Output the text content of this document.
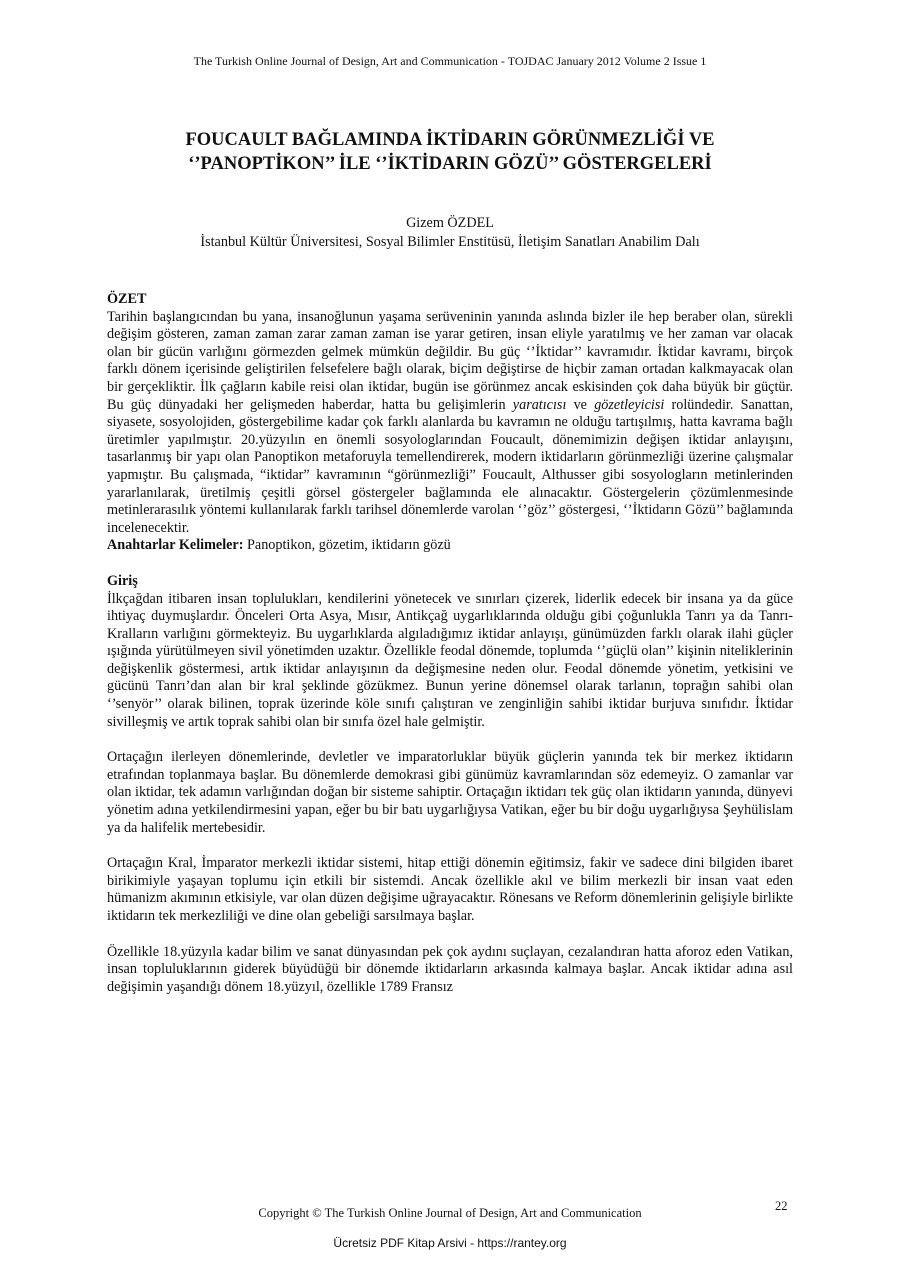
The Turkish Online Journal of Design, Art and Communication - TOJDAC January 2012 Volume 2 Issue 1
FOUCAULT BAĞLAMINDA İKTİDARIN GÖRÜNMEZLİĞİ VE
‘’PANOPTİKON’’ İLE ‘’İKTİDARIN GÖZÜ’’ GÖSTERGELERİ
Gizem ÖZDEL
İstanbul Kültür Üniversitesi, Sosyal Bilimler Enstitüsü, İletişim Sanatları Anabilim Dalı
ÖZET

Tarihin başlangıcından bu yana, insanoğlunun yaşama serüveninin yanında aslında bizler ile hep beraber olan, sürekli değişim gösteren, zaman zaman zarar zaman zaman ise yarar getiren, insan eliyle yaratılmış ve her zaman var olacak olan bir gücün varlığını görmezden gelmek mümkün değildir. Bu güç ‘’İktidar’’ kavramıdır. İktidar kavramı, birçok farklı dönem içerisinde geliştirilen felsefelere bağlı olarak, biçim değiştirse de hiçbir zaman ortadan kalkmayacak olan bir gerçekliktir. İlk çağların kabile reisi olan iktidar, bugün ise görünmez ancak eskisinden çok daha büyük bir güçtür. Bu güç dünyadaki her gelişmeden haberdar, hatta bu gelişimlerin yaratıcısı ve gözetleyicisi rolündedir. Sanattan, siyasete, sosyolojiden, göstergebilime kadar çok farklı alanlarda bu kavramın ne olduğu tartışılmış, hatta kavrama bağlı üretimler yapılmıştır. 20.yüzyılın en önemli sosyologlarından Foucault, dönemimizin değişen iktidar anlayışını, tasarlanmış bir yapı olan Panoptikon metaforuyla temellendirerek, modern iktidarların görünmezliği üzerine çalışmalar yapmıştır. Bu çalışmada, “iktidar” kavramının “görünmezliği” Foucault, Althusser gibi sosyologların metinlerinden yararlanılarak, üretilmiş çeşitli görsel göstergeler bağlamında ele alınacaktır. Göstergelerin çözümlenmesinde metinlerarasılık yöntemi kullanılarak farklı tarihsel dönemlerde varolan ‘’göz’’ göstergesi, ‘’İktidarın Gözü’’ bağlamında incelenecektir.

Anahtarlar Kelimeler: Panoptikon, gözetim, iktidarın gözü
Giriş

İlkçağdan itibaren insan toplulukları, kendilerini yönetecek ve sınırları çizerek, liderlik edecek bir insana ya da güce ihtiyaç duymuşlardır. Önceleri Orta Asya, Mısır, Antikçağ uygarlıklarında olduğu gibi çoğunlukla Tanrı ya da Tanrı-Kralların varlığını görmekteyiz. Bu uygarlıklarda algıladığımız iktidar anlayışı, günümüzden farklı olarak ilahi güçler ışığında yürütülmeyen sivil yönetimden uzaktır. Özellikle feodal dönemde, toplumda ‘’güçlü olan’’ kişinin niteliklerinin değişkenlik göstermesi, artık iktidar anlayışının da değişmesine neden olur. Feodal dönemde yönetim, yetkisini ve gücünü Tanrı’dan alan bir kral şeklinde gözükmez. Bunun yerine dönemsel olarak tarlanın, toprağın sahibi olan ‘’senyör’’ olarak bilinen, toprak üzerinde köle sınıfı çalıştıran ve zenginliğin sahibi iktidar burjuva sınıfıdır. İktidar sivilleşmiş ve artık toprak sahibi olan bir sınıfa özel hale gelmiştir.

Ortaçağın ilerleyen dönemlerinde, devletler ve imparatorluklar büyük güçlerin yanında tek bir merkez iktidarın etrafından toplanmaya başlar. Bu dönemlerde demokrasi gibi günümüz kavramlarından söz edemeyiz. O zamanlar var olan iktidar, tek adamın varlığından doğan bir sisteme sahiptir. Ortaçağın iktidarı tek güç olan iktidarın yanında, dünyevi yönetim adına yetkilendirmesini yapan, eğer bu bir batı uygarlığıysa Vatikan, eğer bu bir doğu uygarlığıysa Şeyhülislam ya da halifelik mertebesidir.

Ortaçağın Kral, İmparator merkezli iktidar sistemi, hitap ettiği dönemin eğitimsiz, fakir ve sadece dini bilgiden ibaret birikimiyle yaşayan toplumu için etkili bir sistemdi. Ancak özellikle akıl ve bilim merkezli bir insan vaat eden hümanizm akımının etkisiyle, var olan düzen değişime uğrayacaktır. Rönesans ve Reform dönemlerinin gelişiyle birlikte iktidarın tek merkezliliği ve dine olan gebeliği sarsılmaya başlar.

Özellikle 18.yüzyıla kadar bilim ve sanat dünyasından pek çok aydını suçlayan, cezalandıran hatta aforoz eden Vatikan, insan topluluklarının giderek büyüdüğü bir dönemde iktidarların arkasında kalmaya başlar. Ancak iktidar adına asıl değişimin yaşandığı dönem 18.yüzyıl, özellikle 1789 Fransız

22
Copyright © The Turkish Online Journal of Design, Art and Communication
Ücretsiz PDF Kitap Arsivi - https://rantey.org
